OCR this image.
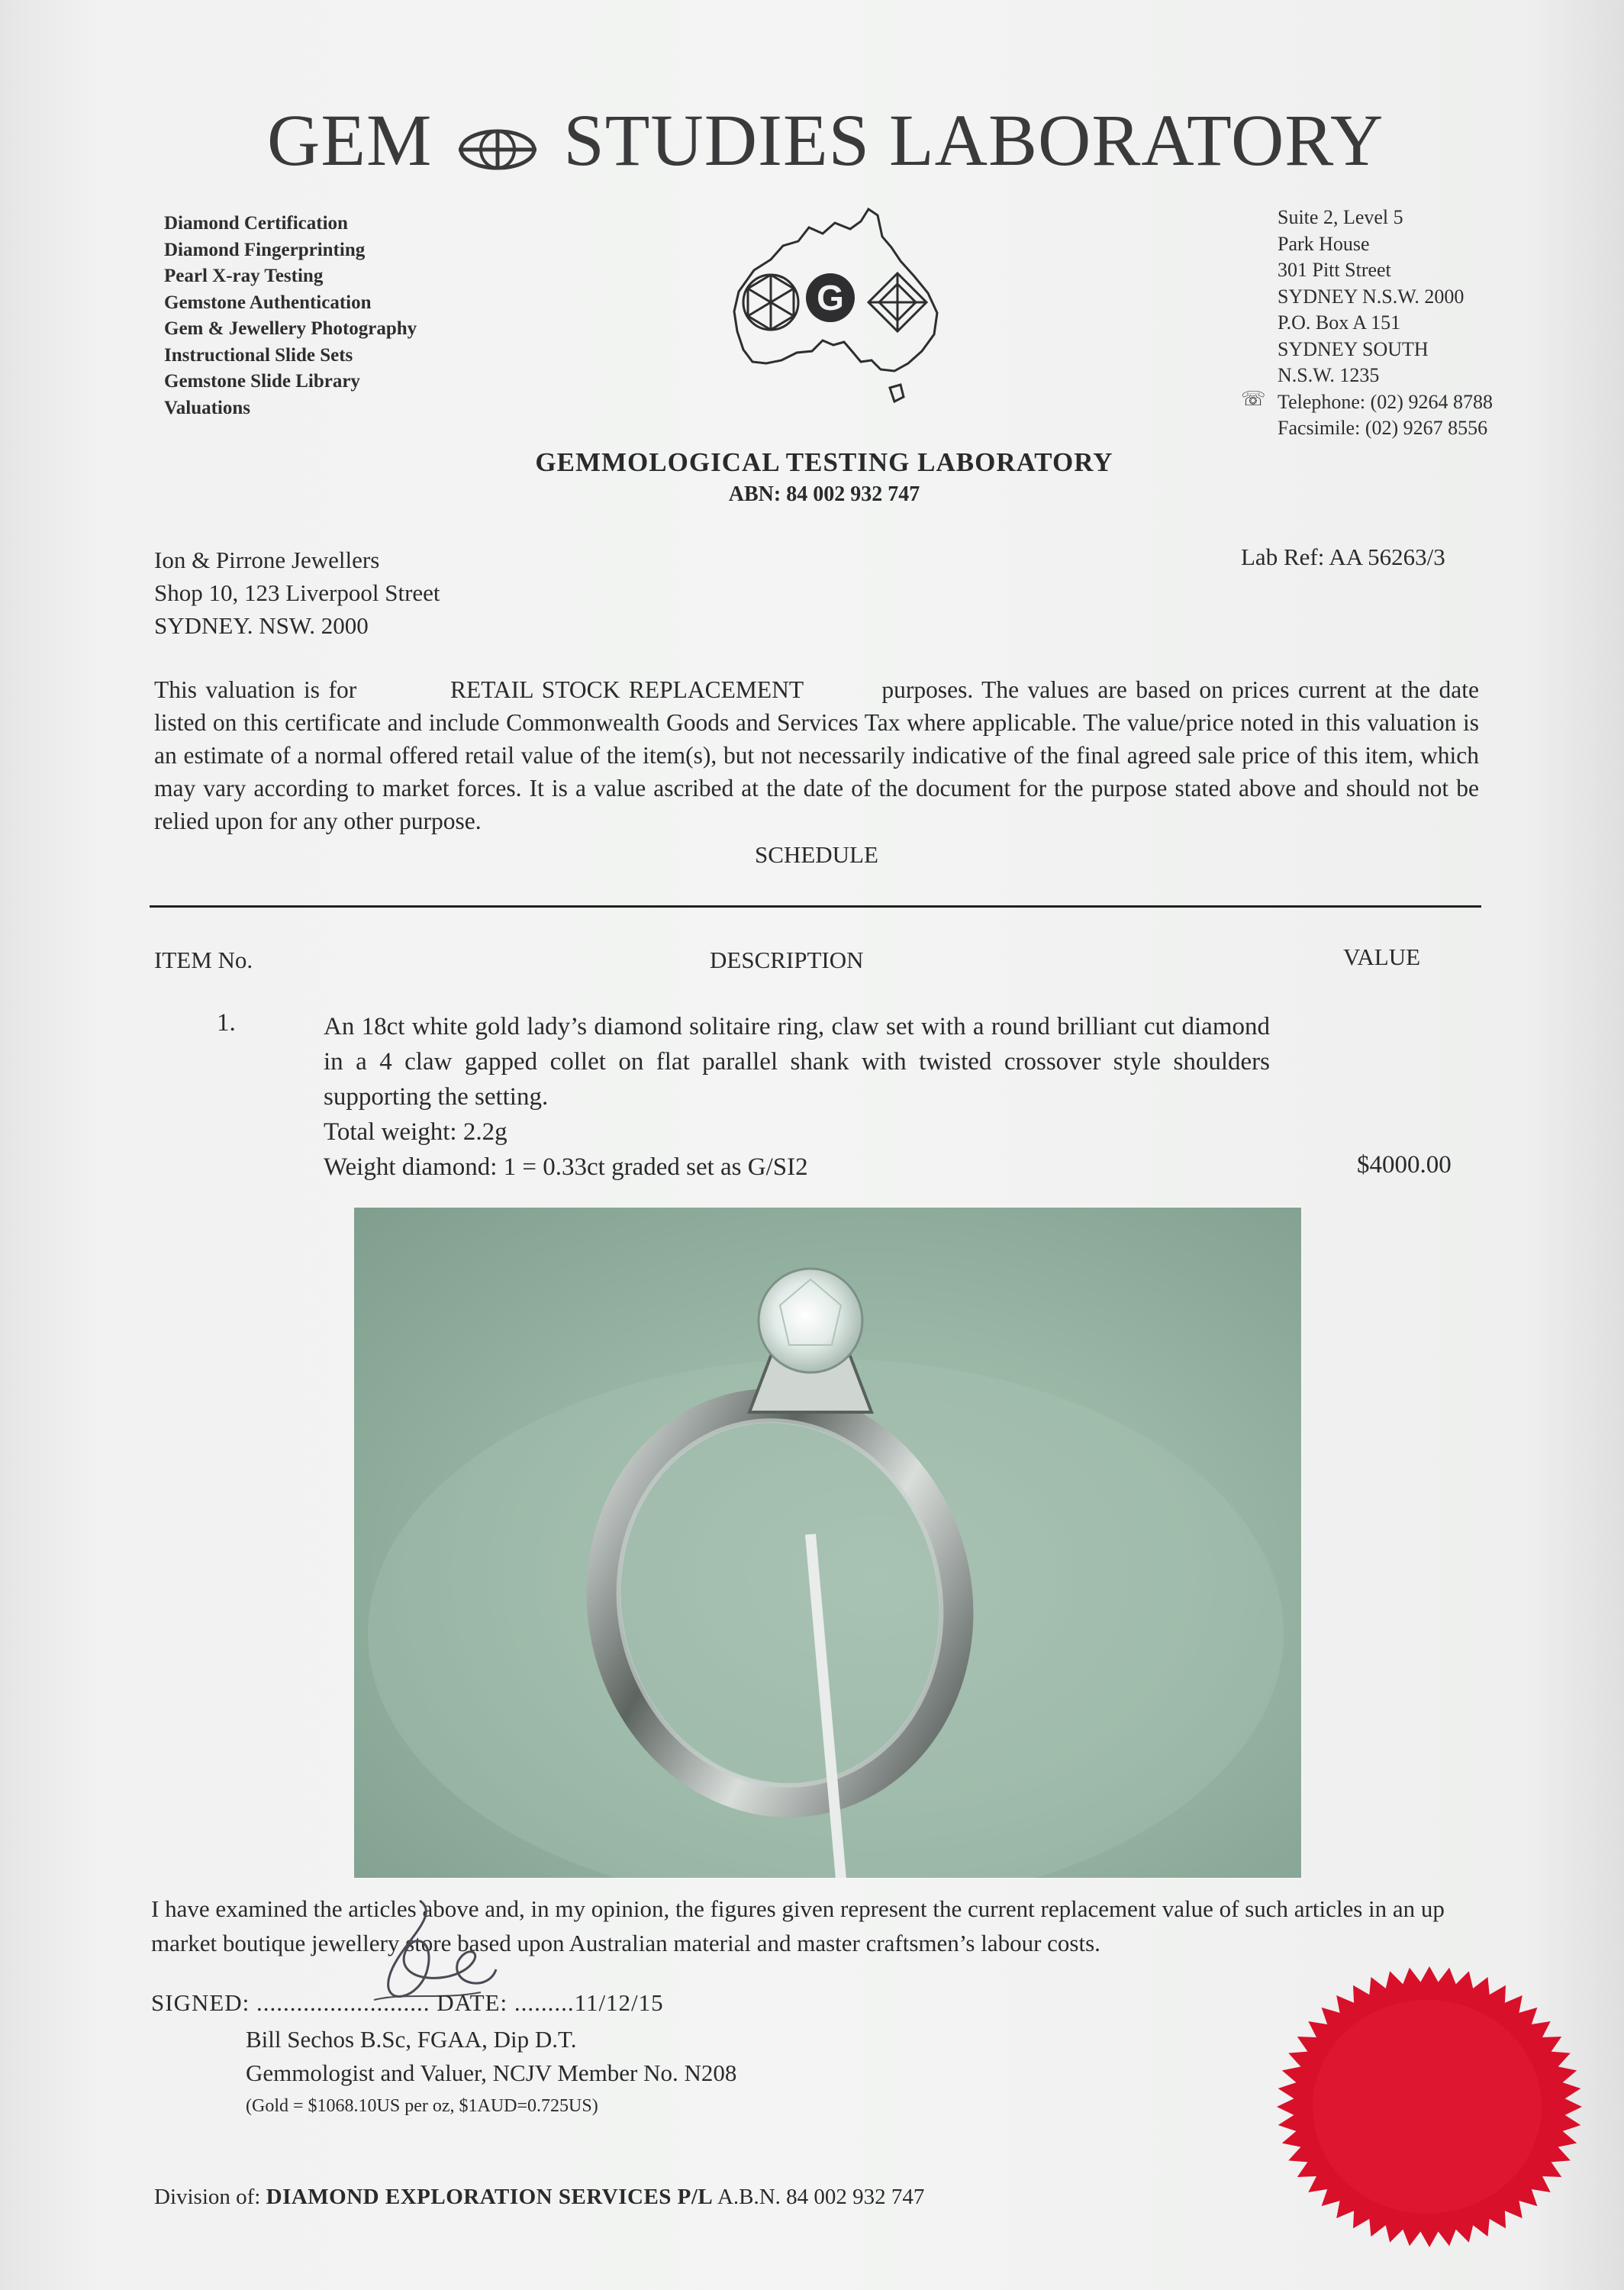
GEM STUDIES LABORATORY
Diamond Certification
Diamond Fingerprinting
Pearl X-ray Testing
Gemstone Authentication
Gem & Jewellery Photography
Instructional Slide Sets
Gemstone Slide Library
Valuations
G
Suite 2, Level 5
Park House
301 Pitt Street
SYDNEY N.S.W. 2000
P.O. Box A 151
SYDNEY SOUTH
N.S.W. 1235
Telephone: (02) 9264 8788
Facsimile: (02) 9267 8556
☏
GEMMOLOGICAL TESTING LABORATORY
ABN: 84 002 932 747
Ion & Pirrone Jewellers
Shop 10, 123 Liverpool Street
SYDNEY. NSW. 2000
Lab Ref: AA 56263/3
This valuation is for	RETAIL STOCK REPLACEMENT	purposes. The values are based on prices current at the date listed on this certificate and include Commonwealth Goods and Services Tax where applicable. The value/price noted in this valuation is an estimate of a normal offered retail value of the item(s), but not necessarily indicative of the final agreed sale price of this item, which may vary according to market forces. It is a value ascribed at the date of the document for the purpose stated above and should not be relied upon for any other purpose.
SCHEDULE
ITEM No.	DESCRIPTION	VALUE
1.	An 18ct white gold lady’s diamond solitaire ring, claw set with a round brilliant cut diamond in a 4 claw gapped collet on flat parallel shank with twisted crossover style shoulders supporting the setting.
Total weight: 2.2g
Weight diamond: 1 = 0.33ct graded set as G/SI2	$4000.00
I have examined the articles above and, in my opinion, the figures given represent the current replacement value of such articles in an up market boutique jewellery store based upon Australian material and master craftsmen’s labour costs.
SIGNED: .......................... DATE: .........11/12/15
Bill Sechos B.Sc, FGAA, Dip D.T.
Gemmologist and Valuer, NCJV Member No. N208
(Gold = $1068.10US per oz, $1AUD=0.725US)
Division of: DIAMOND EXPLORATION SERVICES P/L A.B.N. 84 002 932 747
